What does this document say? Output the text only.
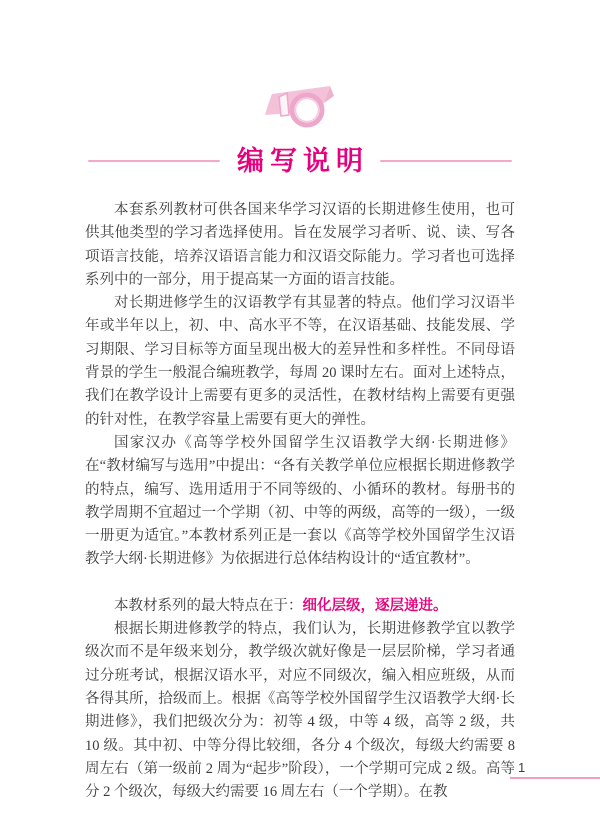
编写说明

本套系列教材可供各国来华学习汉语的长期进修生使用，也可供其他类型的学习者选择使用。旨在发展学习者听、说、读、写各项语言技能，培养汉语语言能力和汉语交际能力。学习者也可选择系列中的一部分，用于提高某一方面的语言技能。

对长期进修学生的汉语教学有其显著的特点。他们学习汉语半年或半年以上，初、中、高水平不等，在汉语基础、技能发展、学习期限、学习目标等方面呈现出极大的差异性和多样性。不同母语背景的学生一般混合编班教学，每周 20 课时左右。面对上述特点，我们在教学设计上需要有更多的灵活性，在教材结构上需要有更强的针对性，在教学容量上需要有更大的弹性。

国家汉办《高等学校外国留学生汉语教学大纲·长期进修》在“教材编写与选用”中提出：“各有关教学单位应根据长期进修教学的特点，编写、选用适用于不同等级的、小循环的教材。每册书的教学周期不宜超过一个学期（初、中等的两级，高等的一级），一级一册更为适宜。”本教材系列正是一套以《高等学校外国留学生汉语教学大纲·长期进修》为依据进行总体结构设计的“适宜教材”。

本教材系列的最大特点在于：细化层级，逐层递进。

根据长期进修教学的特点，我们认为，长期进修教学宜以教学级次而不是年级来划分，教学级次就好像是一层层阶梯，学习者通过分班考试，根据汉语水平，对应不同级次，编入相应班级，从而各得其所，拾级而上。根据《高等学校外国留学生汉语教学大纲·长期进修》，我们把级次分为：初等 4 级，中等 4 级，高等 2 级，共 10 级。其中初、中等分得比较细，各分 4 个级次，每级大约需要 8 周左右（第一级前 2 周为“起步”阶段），一个学期可完成 2 级。高等分 2 个级次，每级大约需要 16 周左右（一个学期）。在教

1
